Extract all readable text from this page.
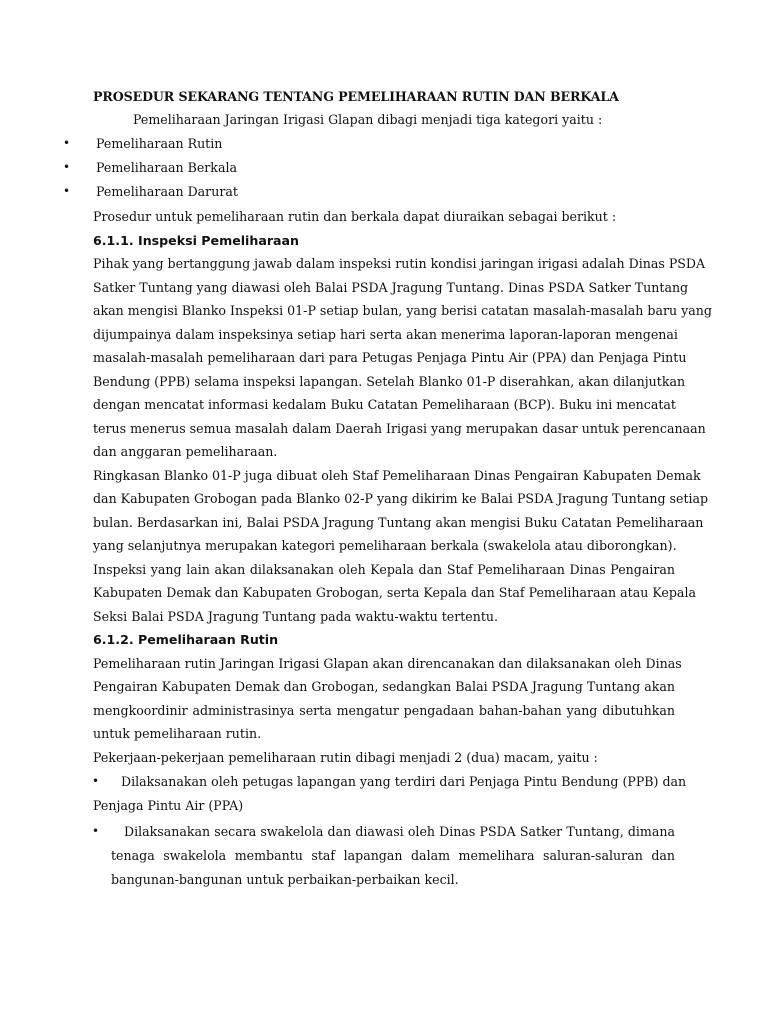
PROSEDUR SEKARANG TENTANG PEMELIHARAAN RUTIN DAN BERKALA
Pemeliharaan Jaringan Irigasi Glapan dibagi menjadi tiga kategori yaitu :
• Pemeliharaan Rutin
• Pemeliharaan Berkala
• Pemeliharaan Darurat
Prosedur untuk pemeliharaan rutin dan berkala dapat diuraikan sebagai berikut :
6.1.1. Inspeksi Pemeliharaan
Pihak yang bertanggung jawab dalam inspeksi rutin kondisi jaringan irigasi adalah Dinas PSDA
Satker Tuntang yang diawasi oleh Balai PSDA Jragung Tuntang. Dinas PSDA Satker Tuntang
akan mengisi Blanko Inspeksi 01-P setiap bulan, yang berisi catatan masalah-masalah baru yang
dijumpainya dalam inspeksinya setiap hari serta akan menerima laporan-laporan mengenai
masalah-masalah pemeliharaan dari para Petugas Penjaga Pintu Air (PPA) dan Penjaga Pintu
Bendung (PPB) selama inspeksi lapangan. Setelah Blanko 01-P diserahkan, akan dilanjutkan
dengan mencatat informasi kedalam Buku Catatan Pemeliharaan (BCP). Buku ini mencatat
terus menerus semua masalah dalam Daerah Irigasi yang merupakan dasar untuk perencanaan
dan anggaran pemeliharaan.
Ringkasan Blanko 01-P juga dibuat oleh Staf Pemeliharaan Dinas Pengairan Kabupaten Demak
dan Kabupaten Grobogan pada Blanko 02-P yang dikirim ke Balai PSDA Jragung Tuntang setiap
bulan. Berdasarkan ini, Balai PSDA Jragung Tuntang akan mengisi Buku Catatan Pemeliharaan
yang selanjutnya merupakan kategori pemeliharaan berkala (swakelola atau diborongkan).
Inspeksi yang lain akan dilaksanakan oleh Kepala dan Staf Pemeliharaan Dinas Pengairan
Kabupaten Demak dan Kabupaten Grobogan, serta Kepala dan Staf Pemeliharaan atau Kepala
Seksi Balai PSDA Jragung Tuntang pada waktu-waktu tertentu.
6.1.2. Pemeliharaan Rutin
Pemeliharaan rutin Jaringan Irigasi Glapan akan direncanakan dan dilaksanakan oleh Dinas
Pengairan Kabupaten Demak dan Grobogan, sedangkan Balai PSDA Jragung Tuntang akan
mengkoordinir administrasinya serta mengatur pengadaan bahan-bahan yang dibutuhkan
untuk pemeliharaan rutin.
Pekerjaan-pekerjaan pemeliharaan rutin dibagi menjadi 2 (dua) macam, yaitu :
• Dilaksanakan oleh petugas lapangan yang terdiri dari Penjaga Pintu Bendung (PPB) dan
Penjaga Pintu Air (PPA)
• Dilaksanakan secara swakelola dan diawasi oleh Dinas PSDA Satker Tuntang, dimana
tenaga swakelola membantu staf lapangan dalam memelihara saluran-saluran dan
bangunan-bangunan untuk perbaikan-perbaikan kecil.
